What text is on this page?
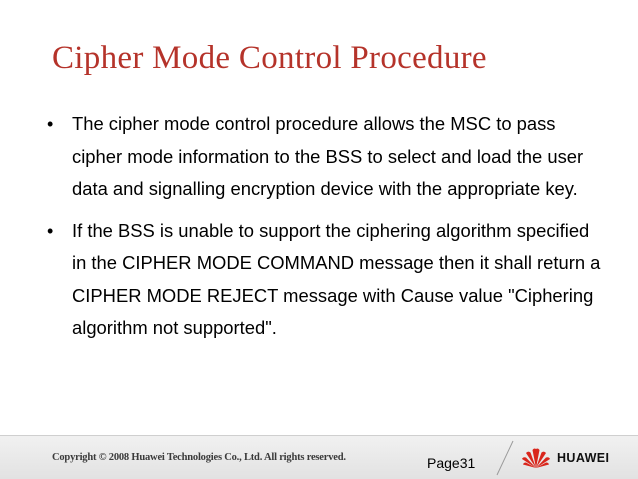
Cipher Mode Control Procedure
• The cipher mode control procedure allows the MSC to pass cipher mode information to the BSS to select and load the user data and signalling encryption device with the appropriate key.
• If the BSS is unable to support the ciphering algorithm specified in the CIPHER MODE COMMAND message then it shall return a CIPHER MODE REJECT message with Cause value "Ciphering algorithm not supported".
Copyright © 2008 Huawei Technologies Co., Ltd. All rights reserved.	Page31	HUAWEI
